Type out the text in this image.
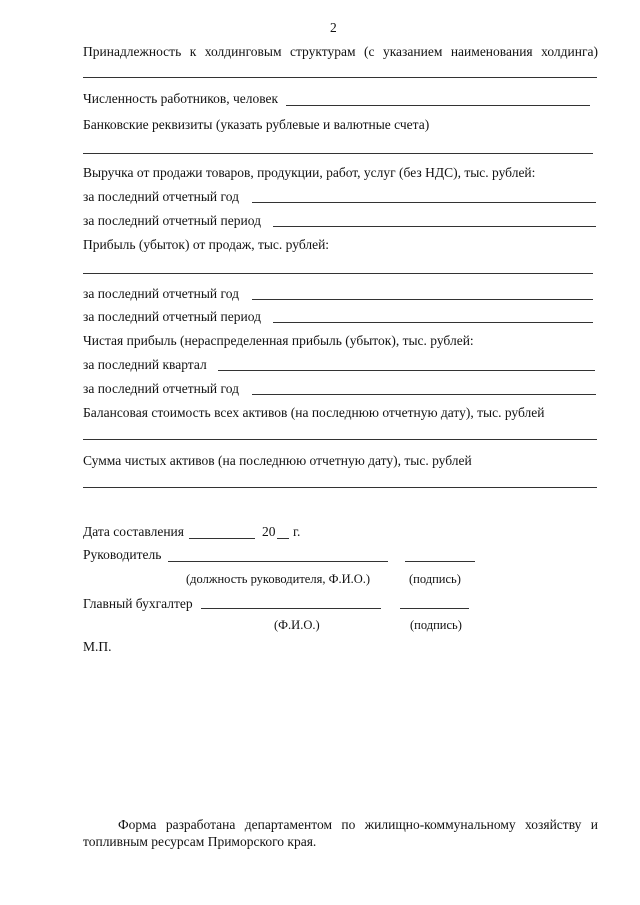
2
Принадлежность к холдинговым структурам (с указанием наименования холдинга)
Численность работников, человек
Банковские реквизиты (указать рублевые и валютные счета)
Выручка от продажи товаров, продукции, работ, услуг (без НДС), тыс. рублей:
за последний отчетный год
за последний отчетный период
Прибыль (убыток) от продаж, тыс. рублей:
за последний отчетный год
за последний отчетный период
Чистая прибыль (нераспределенная прибыль (убыток), тыс. рублей:
за последний квартал
за последний отчетный год
Балансовая стоимость всех активов (на последнюю отчетную дату), тыс. рублей
Сумма чистых активов (на последнюю отчетную дату), тыс. рублей
Дата составления	20 г.
Руководитель
(должность руководителя, Ф.И.О.)	(подпись)
Главный бухгалтер
(Ф.И.О.)	(подпись)
М.П.
Форма разработана департаментом по жилищно-коммунальному хозяйству и
топливным ресурсам Приморского края.
